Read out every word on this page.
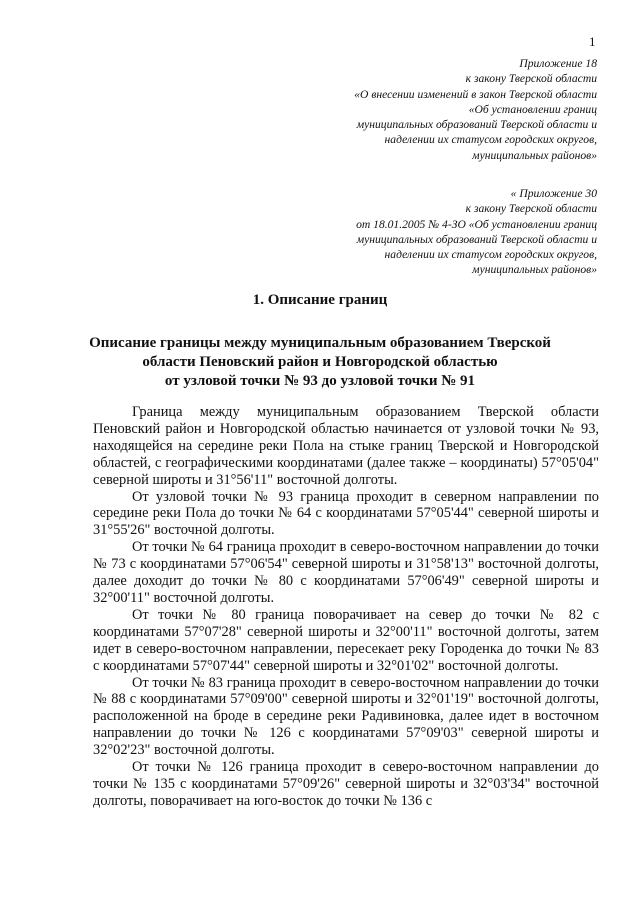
1
Приложение 18
к закону Тверской области
«О внесении изменений в закон Тверской области
«Об установлении границ
муниципальных образований Тверской области и
наделении их статусом городских округов,
муниципальных районов»
« Приложение 30
к закону Тверской области
от 18.01.2005 № 4-ЗО «Об установлении границ
муниципальных образований Тверской области и
наделении их статусом городских округов,
муниципальных районов»
1. Описание границ
Описание границы между муниципальным образованием Тверской
области Пеновский район и Новгородской областью
от узловой точки № 93 до узловой точки № 91

Граница между муниципальным образованием Тверской области Пеновский район и Новгородской областью начинается от узловой точки № 93, находящейся на середине реки Пола на стыке границ Тверской и Новгородской областей, с географическими координатами (далее также – координаты) 57°05'04" северной широты и 31°56'11" восточной долготы.

От узловой точки № 93 граница проходит в северном направлении по середине реки Пола до точки № 64 с координатами 57°05'44" северной широты и 31°55'26" восточной долготы.

От точки № 64 граница проходит в северо-восточном направлении до точки № 73 с координатами 57°06'54" северной широты и 31°58'13" восточной долготы, далее доходит до точки № 80 с координатами 57°06'49" северной широты и 32°00'11" восточной долготы.

От точки № 80 граница поворачивает на север до точки № 82 с координатами 57°07'28" северной широты и 32°00'11" восточной долготы, затем идет в северо-восточном направлении, пересекает реку Городенка до точки № 83 с координатами 57°07'44" северной широты и 32°01'02" восточной долготы.

От точки № 83 граница проходит в северо-восточном направлении до точки № 88 с координатами 57°09'00" северной широты и 32°01'19" восточной долготы, расположенной на броде в середине реки Радивиновка, далее идет в восточном направлении до точки № 126 с координатами 57°09'03" северной широты и 32°02'23" восточной долготы.

От точки № 126 граница проходит в северо-восточном направлении до точки № 135 с координатами 57°09'26" северной широты и 32°03'34" восточной долготы, поворачивает на юго-восток до точки № 136 с
